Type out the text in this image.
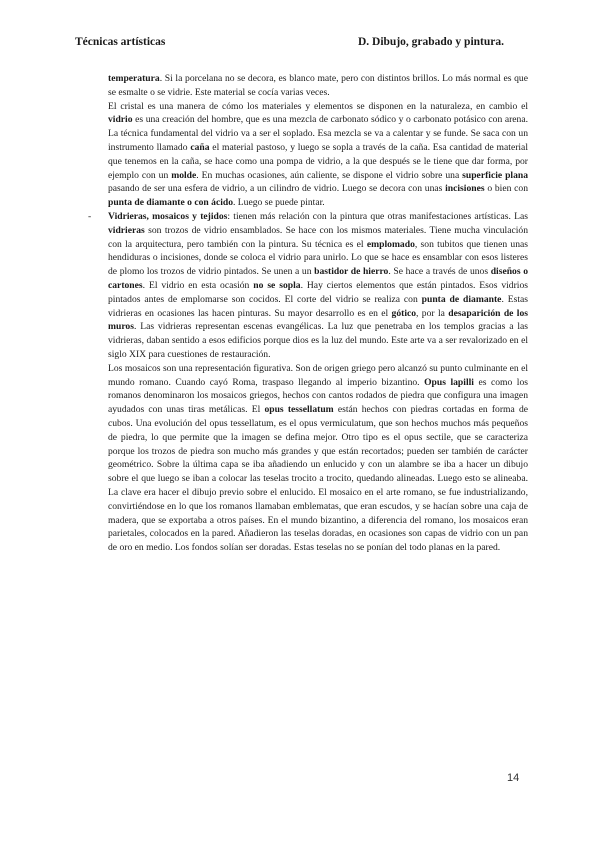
Técnicas artísticas	D. Dibujo, grabado y pintura.

temperatura. Si la porcelana no se decora, es blanco mate, pero con distintos brillos. Lo más normal es que se esmalte o se vidrie. Este material se cocía varias veces.

El cristal es una manera de cómo los materiales y elementos se disponen en la naturaleza, en cambio el vidrio es una creación del hombre, que es una mezcla de carbonato sódico y o carbonato potásico con arena. La técnica fundamental del vidrio va a ser el soplado. Esa mezcla se va a calentar y se funde. Se saca con un instrumento llamado caña el material pastoso, y luego se sopla a través de la caña. Esa cantidad de material que tenemos en la caña, se hace como una pompa de vidrio, a la que después se le tiene que dar forma, por ejemplo con un molde. En muchas ocasiones, aún caliente, se dispone el vidrio sobre una superficie plana pasando de ser una esfera de vidrio, a un cilindro de vidrio. Luego se decora con unas incisiones o bien con punta de diamante o con ácido. Luego se puede pintar.

- Vidrieras, mosaicos y tejidos: tienen más relación con la pintura que otras manifestaciones artísticas. Las vidrieras son trozos de vidrio ensamblados. Se hace con los mismos materiales. Tiene mucha vinculación con la arquitectura, pero también con la pintura. Su técnica es el emplomado, son tubitos que tienen unas hendiduras o incisiones, donde se coloca el vidrio para unirlo. Lo que se hace es ensamblar con esos listeres de plomo los trozos de vidrio pintados. Se unen a un bastidor de hierro. Se hace a través de unos diseños o cartones. El vidrio en esta ocasión no se sopla. Hay ciertos elementos que están pintados. Esos vidrios pintados antes de emplomarse son cocidos. El corte del vidrio se realiza con punta de diamante. Estas vidrieras en ocasiones las hacen pinturas. Su mayor desarrollo es en el gótico, por la desaparición de los muros. Las vidrieras representan escenas evangélicas. La luz que penetraba en los templos gracias a las vidrieras, daban sentido a esos edificios porque dios es la luz del mundo. Este arte va a ser revalorizado en el siglo XIX para cuestiones de restauración.

Los mosaicos son una representación figurativa. Son de origen griego pero alcanzó su punto culminante en el mundo romano. Cuando cayó Roma, traspaso llegando al imperio bizantino. Opus lapilli es como los romanos denominaron los mosaicos griegos, hechos con cantos rodados de piedra que configura una imagen ayudados con unas tiras metálicas. El opus tessellatum están hechos con piedras cortadas en forma de cubos. Una evolución del opus tessellatum, es el opus vermiculatum, que son hechos muchos más pequeños de piedra, lo que permite que la imagen se defina mejor. Otro tipo es el opus sectile, que se caracteriza porque los trozos de piedra son mucho más grandes y que están recortados; pueden ser también de carácter geométrico. Sobre la última capa se iba añadiendo un enlucido y con un alambre se iba a hacer un dibujo sobre el que luego se iban a colocar las teselas trocito a trocito, quedando alineadas. Luego esto se alineaba. La clave era hacer el dibujo previo sobre el enlucido. El mosaico en el arte romano, se fue industrializando, convirtiéndose en lo que los romanos llamaban emblematas, que eran escudos, y se hacían sobre una caja de madera, que se exportaba a otros países. En el mundo bizantino, a diferencia del romano, los mosaicos eran parietales, colocados en la pared. Añadieron las teselas doradas, en ocasiones son capas de vidrio con un pan de oro en medio. Los fondos solían ser doradas. Estas teselas no se ponían del todo planas en la pared.

14
